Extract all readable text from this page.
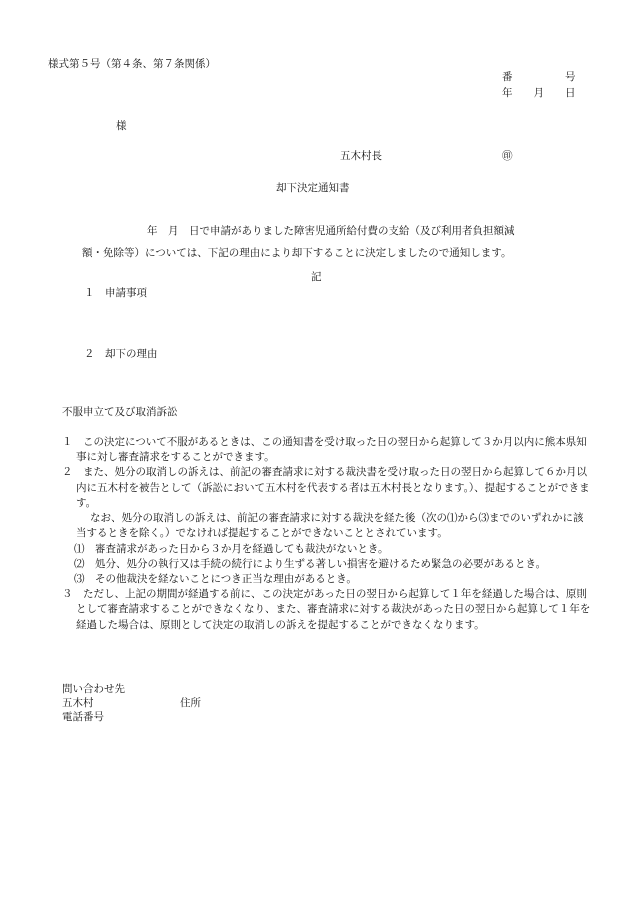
様式第５号（第４条、第７条関係）
番　　　　　号
年　　月　　日
様
五木村長	㊞
却下決定通知書
年　月　日で申請がありました障害児通所給付費の支給（及び利用者負担額減
額・免除等）については、下記の理由により却下することに決定しましたので通知します。
記
１　申請事項
２　却下の理由
不服申立て及び取消訴訟
１　この決定について不服があるときは、この通知書を受け取った日の翌日から起算して３か月以内に熊本県知事に対し審査請求をすることができます。
２　また、処分の取消しの訴えは、前記の審査請求に対する裁決書を受け取った日の翌日から起算して６か月以内に五木村を被告として（訴訟において五木村を代表する者は五木村長となります。）、提起することができます。
なお、処分の取消しの訴えは、前記の審査請求に対する裁決を経た後（次の⑴から⑶までのいずれかに該当するときを除く。）でなければ提起することができないこととされています。
⑴　審査請求があった日から３か月を経過しても裁決がないとき。
⑵　処分、処分の執行又は手続の続行により生ずる著しい損害を避けるため緊急の必要があるとき。
⑶　その他裁決を経ないことにつき正当な理由があるとき。
３　ただし、上記の期間が経過する前に、この決定があった日の翌日から起算して１年を経過した場合は、原則として審査請求することができなくなり、また、審査請求に対する裁決があった日の翌日から起算して１年を経過した場合は、原則として決定の取消しの訴えを提起することができなくなります。
問い合わせ先
五木村	住所
電話番号
